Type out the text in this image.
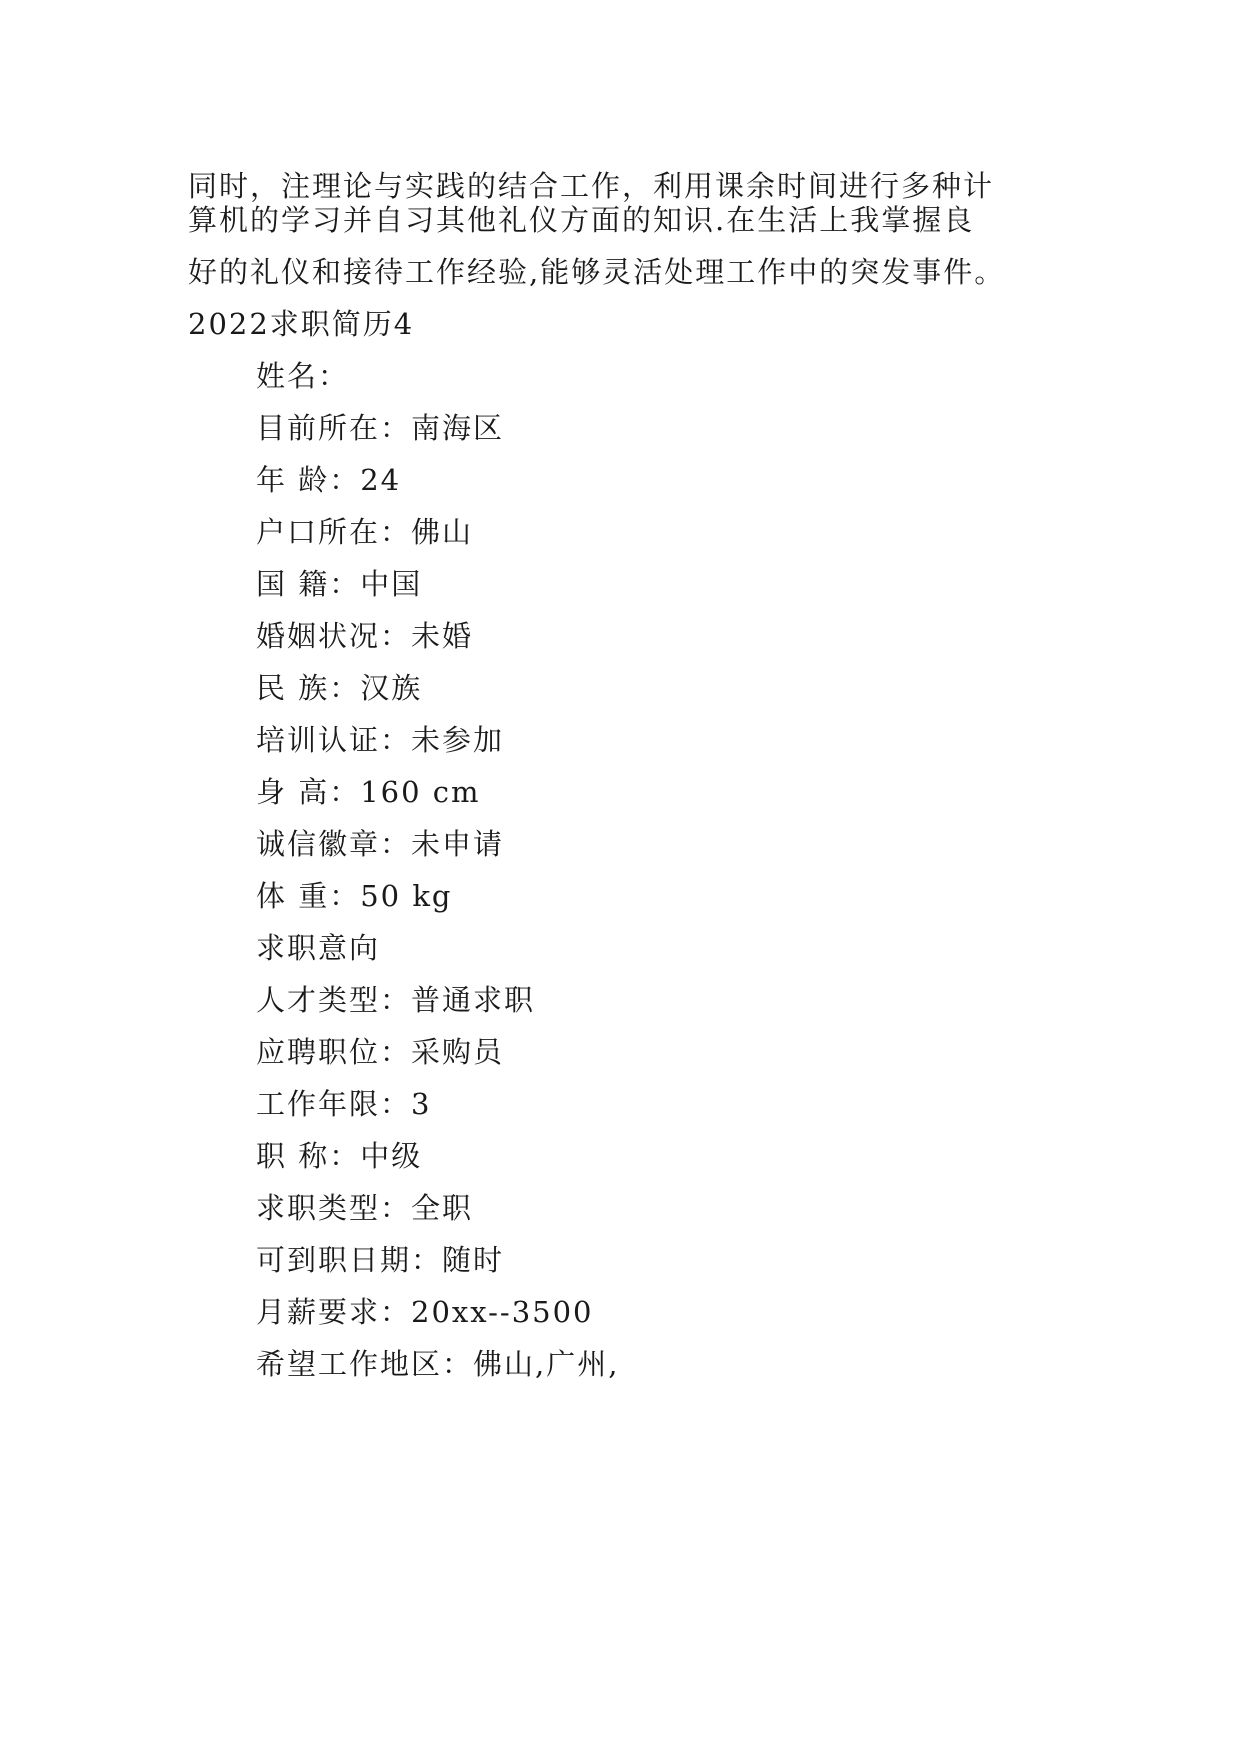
同时，注理论与实践的结合工作，利用课余时间进行多种计
算机的学习并自习其他礼仪方面的知识.在生活上我掌握良
好的礼仪和接待工作经验,能够灵活处理工作中的突发事件。
2022求职简历4
姓名：
目前所在：南海区
年 龄：24
户口所在：佛山
国 籍：中国
婚姻状况：未婚
民 族：汉族
培训认证：未参加
身 高：160 cm
诚信徽章：未申请
体 重：50 kg
求职意向
人才类型：普通求职
应聘职位：采购员
工作年限：3
职 称：中级
求职类型：全职
可到职日期：随时
月薪要求：20xx--3500
希望工作地区：佛山,广州,
